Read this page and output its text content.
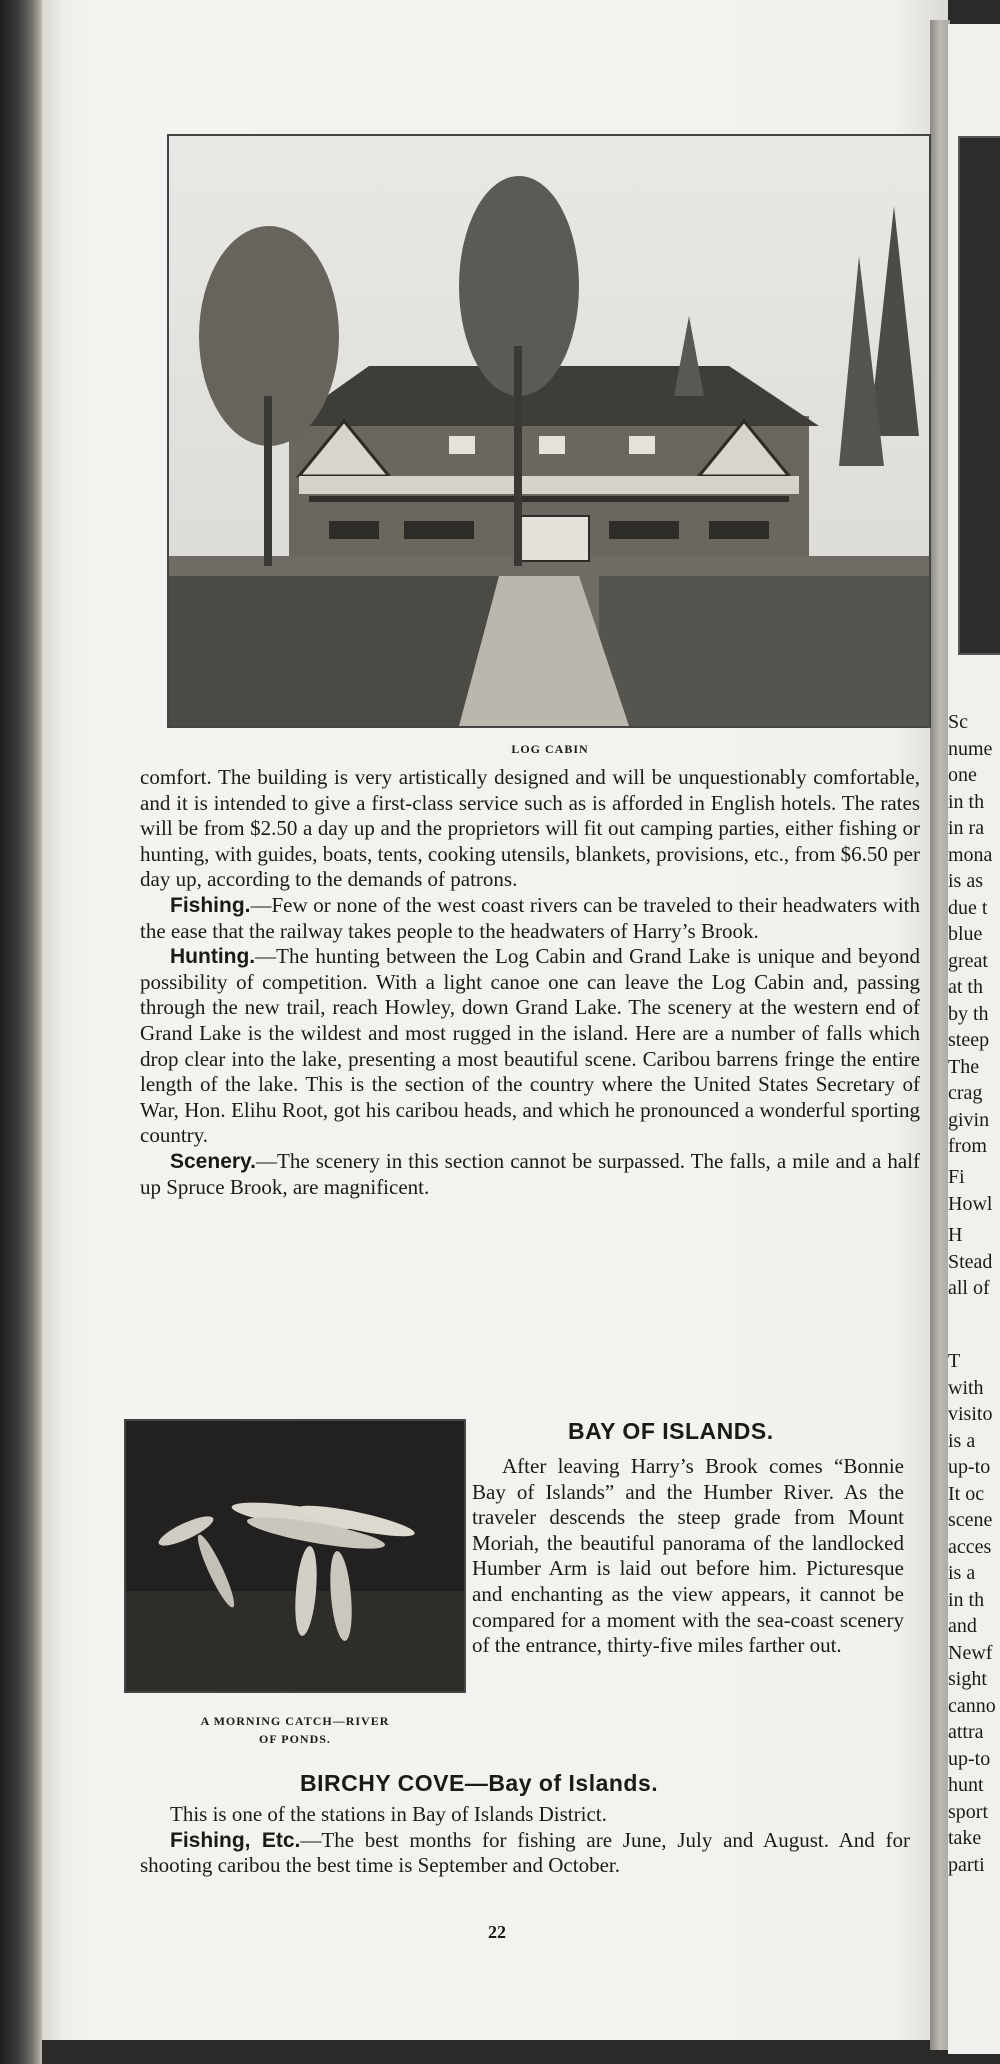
Sc
nume
one
in th
in ra
mona
is as
due t
blue
great
at th
by th
steep
The
crag
givin
from
Fi
Howl
H
Stead
all of
T
with
visito
is a
up-to
It oc
scene
acces
is a
in th
and
Newf
sight
canno
attra
up-to
hunt
sport
take
parti
LOG CABIN

comfort. The building is very artistically designed and will be unquestionably comfortable, and it is intended to give a first-class service such as is afforded in English hotels. The rates will be from $2.50 a day up and the proprietors will fit out camping parties, either fishing or hunting, with guides, boats, tents, cooking utensils, blankets, provisions, etc., from $6.50 per day up, according to the demands of patrons.

Fishing.—Few or none of the west coast rivers can be traveled to their headwaters with the ease that the railway takes people to the headwaters of Harry’s Brook.

Hunting.—The hunting between the Log Cabin and Grand Lake is unique and beyond possibility of competition. With a light canoe one can leave the Log Cabin and, passing through the new trail, reach Howley, down Grand Lake. The scenery at the western end of Grand Lake is the wildest and most rugged in the island. Here are a number of falls which drop clear into the lake, presenting a most beautiful scene. Caribou barrens fringe the entire length of the lake. This is the section of the country where the United States Secretary of War, Hon. Elihu Root, got his caribou heads, and which he pronounced a wonderful sporting country.

Scenery.—The scenery in this section cannot be surpassed. The falls, a mile and a half up Spruce Brook, are magnificent.

A MORNING CATCH—RIVER
OF PONDS.
BAY OF ISLANDS.

After leaving Harry’s Brook comes “Bonnie Bay of Islands” and the Humber River. As the traveler descends the steep grade from Mount Moriah, the beautiful panorama of the landlocked Humber Arm is laid out before him. Picturesque and enchanting as the view appears, it cannot be compared for a moment with the sea-coast scenery of the entrance, thirty-five miles farther out.

BIRCHY COVE—Bay of Islands.

This is one of the stations in Bay of Islands District.

Fishing, Etc.—The best months for fishing are June, July and August. And for shooting caribou the best time is September and October.

22
